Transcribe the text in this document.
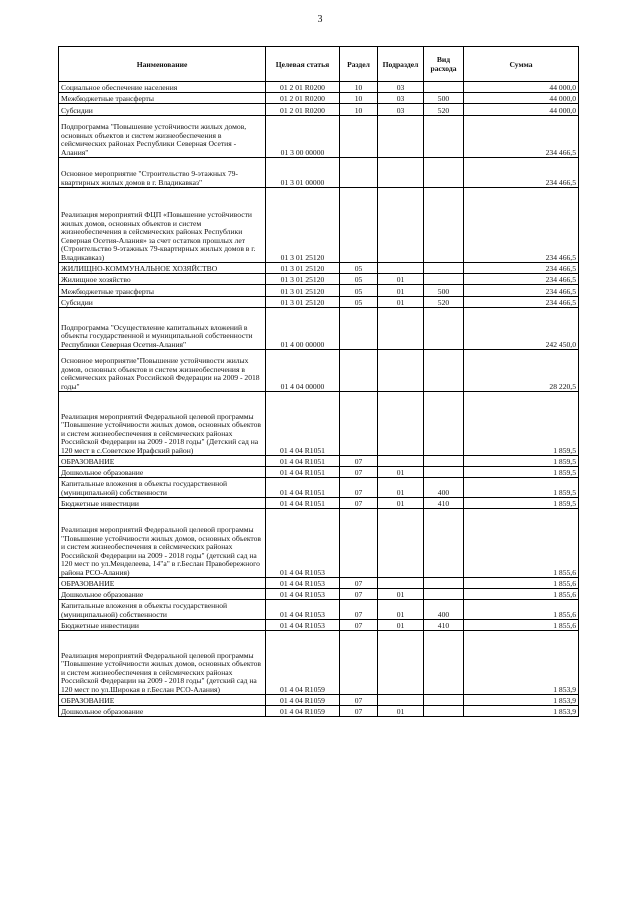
3
Наименование	Целевая статья	Раздел	Подраздел	Вид расхода	Сумма
Социальное обеспечение населения	01 2 01 R0200	10	03		44 000,0
Межбюджетные трансферты	01 2 01 R0200	10	03	500	44 000,0
Субсидии	01 2 01 R0200	10	03	520	44 000,0
Подпрограмма "Повышение устойчивости жилых домов, основных объектов и систем жизнеобеспечения в сейсмических районах Республики Северная Осетия - Алания"	01 3 00 00000				234 466,5
Основное мероприятие "Строительство 9-этажных 79-квартирных жилых домов в г. Владикавказ"	01 3 01 00000				234 466,5
Реализация мероприятий ФЦП «Повышение устойчивости жилых домов, основных объектов и систем жизнеобеспечения в сейсмических районах Республики Северная Осетия-Алания» за счет остатков прошлых лет (Строительство 9-этажных 79-квартирных жилых домов в г. Владикавказ)	01 3 01 25120				234 466,5
ЖИЛИЩНО-КОММУНАЛЬНОЕ ХОЗЯЙСТВО	01 3 01 25120	05			234 466,5
Жилищное хозяйство	01 3 01 25120	05	01		234 466,5
Межбюджетные трансферты	01 3 01 25120	05	01	500	234 466,5
Субсидии	01 3 01 25120	05	01	520	234 466,5
Подпрограмма "Осуществление капитальных вложений в объекты государственной и муниципальной собственности Республики Северная Осетия-Алания"	01 4 00 00000				242 450,0
Основное мероприятие"Повышение устойчивости жилых домов, основных объектов и систем жизнеобеспечения в сейсмических районах Российской Федерации на 2009 - 2018 годы"	01 4 04 00000				28 220,5
Реализация мероприятий Федеральной целевой программы "Повышение устойчивости жилых домов, основных объектов и систем жизнеобеспечения в сейсмических районах Российской Федерации на 2009 - 2018 годы" (Детский сад на 120 мест в с.Советское Ирафский район)	01 4 04 R1051				1 859,5
ОБРАЗОВАНИЕ	01 4 04 R1051	07			1 859,5
Дошкольное образование	01 4 04 R1051	07	01		1 859,5
Капитальные вложения в объекты государственной (муниципальной) собственности	01 4 04 R1051	07	01	400	1 859,5
Бюджетные инвестиции	01 4 04 R1051	07	01	410	1 859,5
Реализация мероприятий Федеральной целевой программы "Повышение устойчивости жилых домов, основных объектов и систем жизнеобеспечения в сейсмических районах Российской Федерации на 2009 - 2018 годы" (детский сад на 120 мест по ул.Менделеева, 14"а" в г.Беслан Правобережного района РСО-Алания)	01 4 04 R1053				1 855,6
ОБРАЗОВАНИЕ	01 4 04 R1053	07			1 855,6
Дошкольное образование	01 4 04 R1053	07	01		1 855,6
Капитальные вложения в объекты государственной (муниципальной) собственности	01 4 04 R1053	07	01	400	1 855,6
Бюджетные инвестиции	01 4 04 R1053	07	01	410	1 855,6
Реализация мероприятий Федеральной целевой программы "Повышение устойчивости жилых домов, основных объектов и систем жизнеобеспечения в сейсмических районах Российской Федерации на 2009 - 2018 годы" (детский сад на 120 мест по ул.Широкая в г.Беслан РСО-Алания)	01 4 04 R1059				1 853,9
ОБРАЗОВАНИЕ	01 4 04 R1059	07			1 853,9
Дошкольное образование	01 4 04 R1059	07	01		1 853,9
